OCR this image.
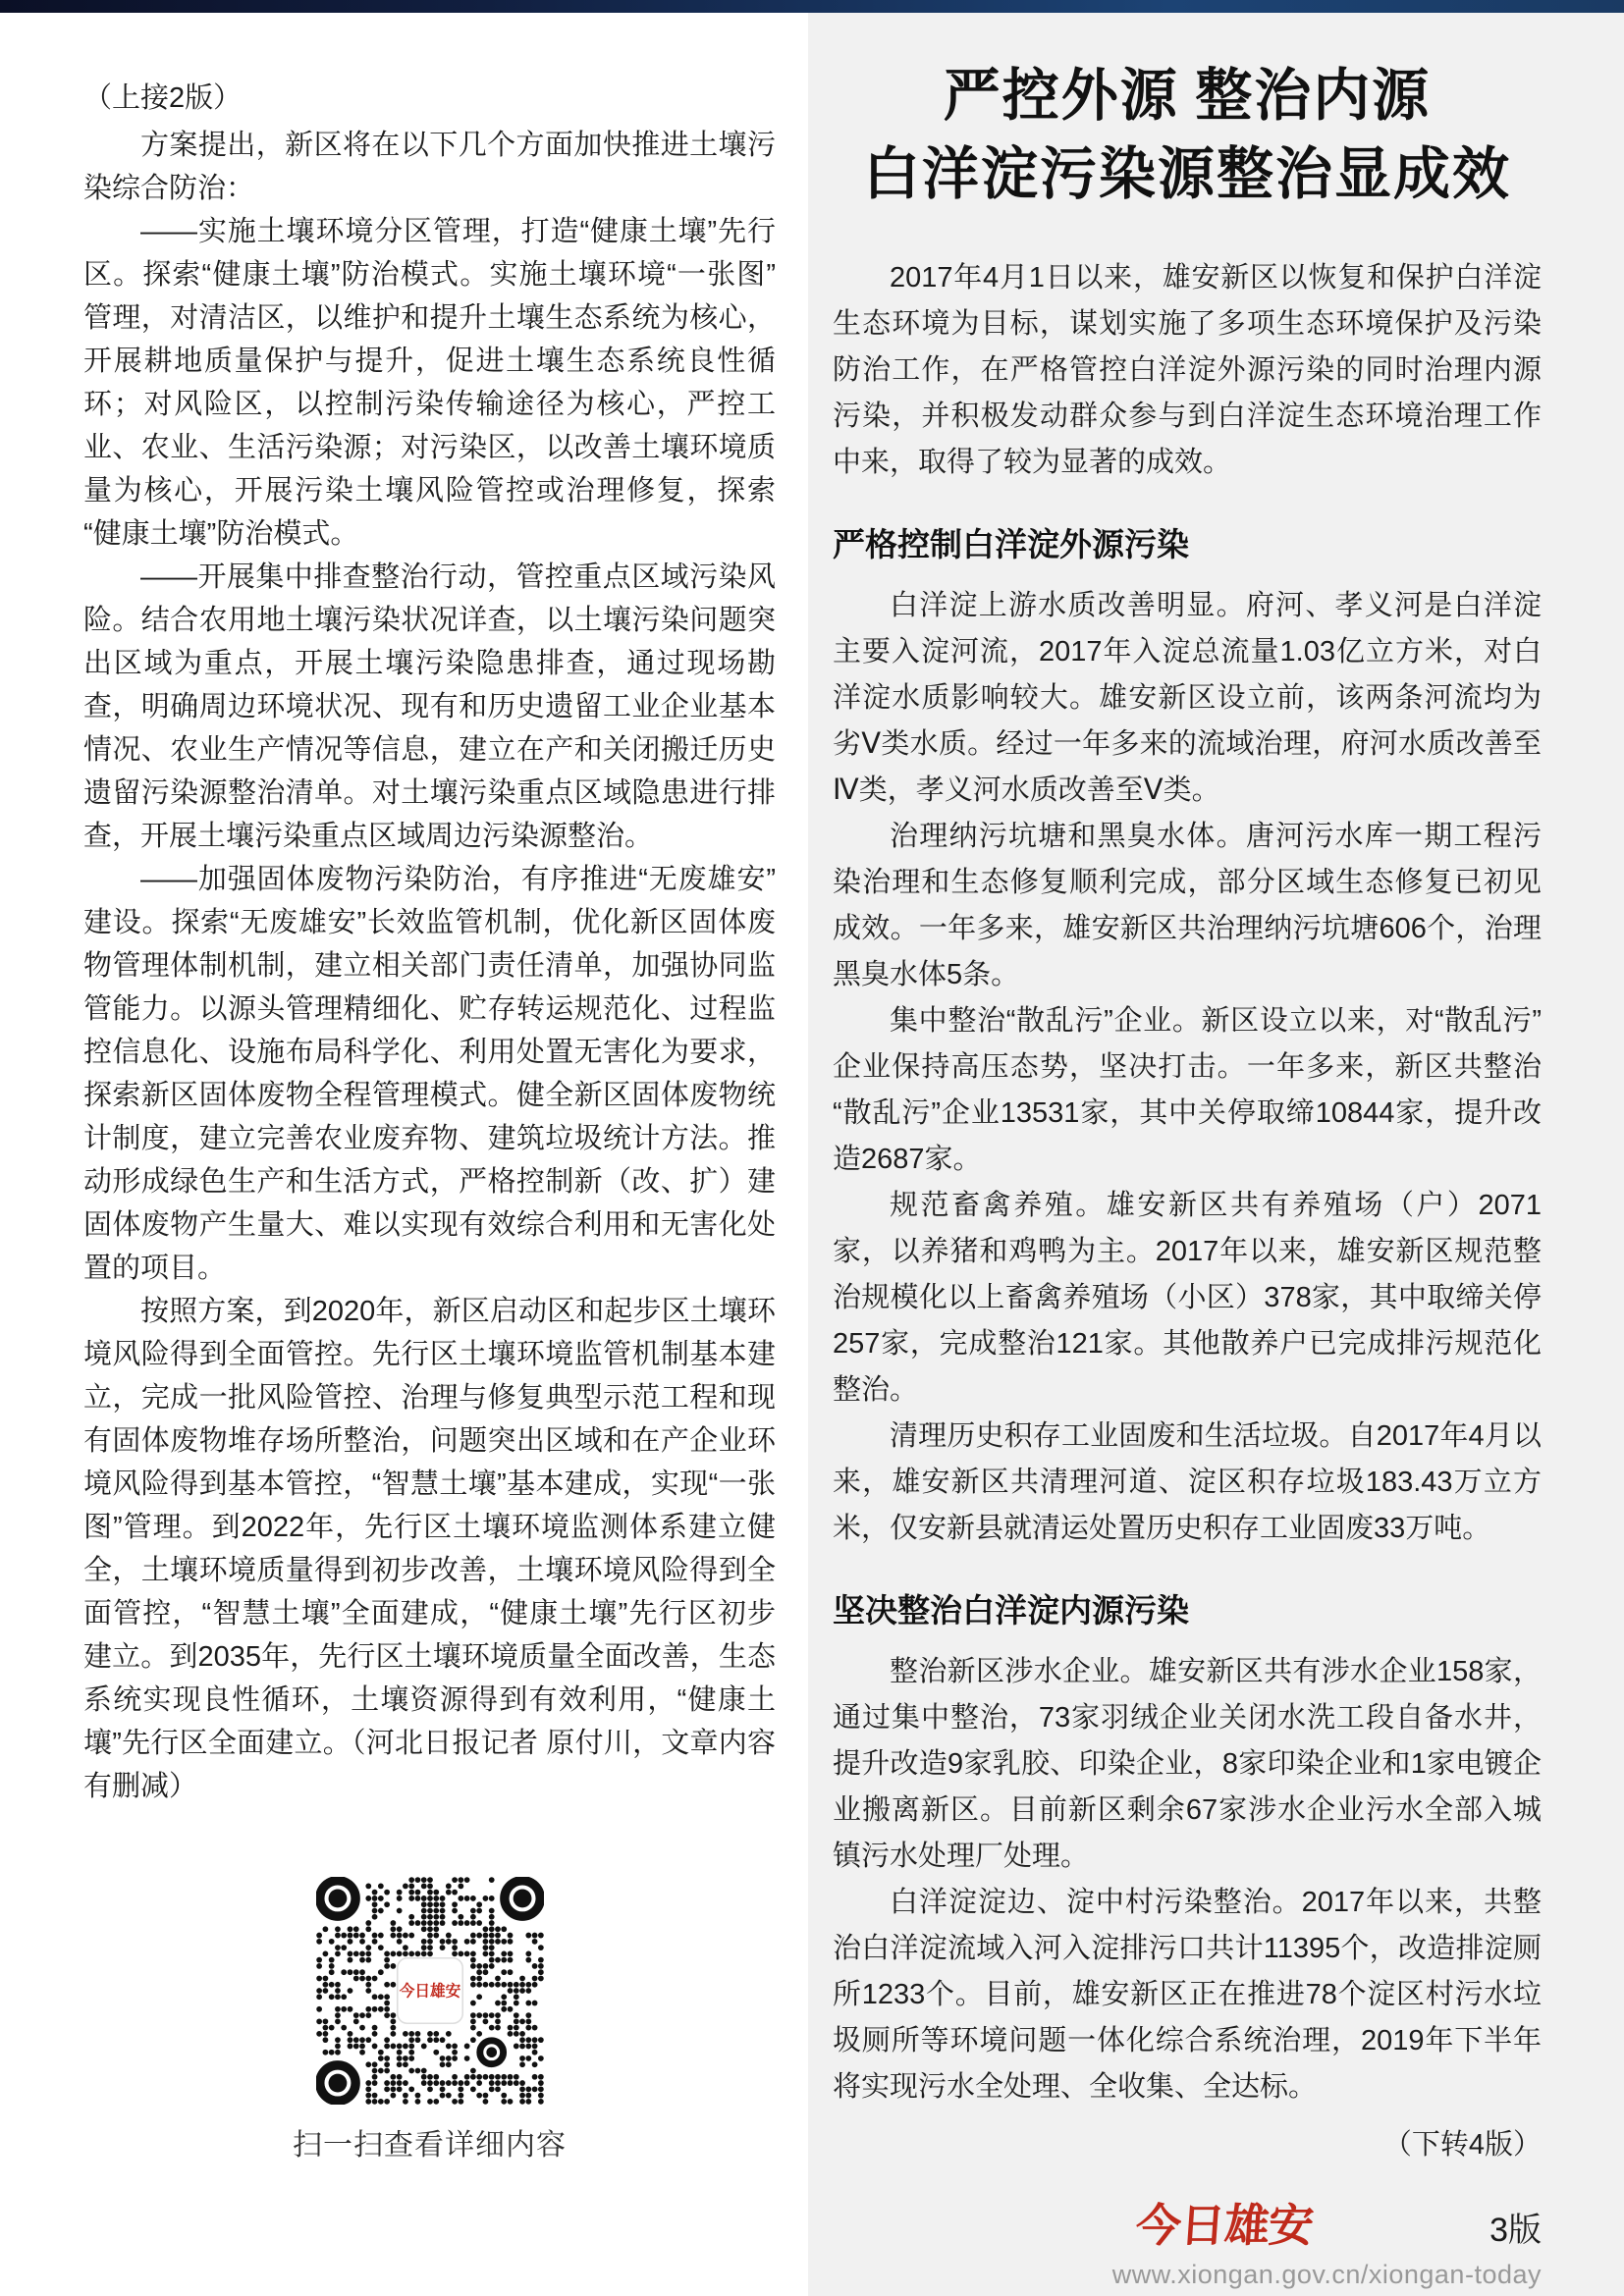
（上接2版）

方案提出，新区将在以下几个方面加快推进土壤污染综合防治：

——实施土壤环境分区管理，打造“健康土壤”先行区。探索“健康土壤”防治模式。实施土壤环境“一张图”管理，对清洁区，以维护和提升土壤生态系统为核心，开展耕地质量保护与提升，促进土壤生态系统良性循环；对风险区，以控制污染传输途径为核心，严控工业、农业、生活污染源；对污染区，以改善土壤环境质量为核心，开展污染土壤风险管控或治理修复，探索“健康土壤”防治模式。

——开展集中排查整治行动，管控重点区域污染风险。结合农用地土壤污染状况详查，以土壤污染问题突出区域为重点，开展土壤污染隐患排查，通过现场勘查，明确周边环境状况、现有和历史遗留工业企业基本情况、农业生产情况等信息，建立在产和关闭搬迁历史遗留污染源整治清单。对土壤污染重点区域隐患进行排查，开展土壤污染重点区域周边污染源整治。

——加强固体废物污染防治，有序推进“无废雄安”建设。探索“无废雄安”长效监管机制，优化新区固体废物管理体制机制，建立相关部门责任清单，加强协同监管能力。以源头管理精细化、贮存转运规范化、过程监控信息化、设施布局科学化、利用处置无害化为要求，探索新区固体废物全程管理模式。健全新区固体废物统计制度，建立完善农业废弃物、建筑垃圾统计方法。推动形成绿色生产和生活方式，严格控制新（改、扩）建固体废物产生量大、难以实现有效综合利用和无害化处置的项目。

按照方案，到2020年，新区启动区和起步区土壤环境风险得到全面管控。先行区土壤环境监管机制基本建立，完成一批风险管控、治理与修复典型示范工程和现有固体废物堆存场所整治，问题突出区域和在产企业环境风险得到基本管控，“智慧土壤”基本建成，实现“一张图”管理。到2022年，先行区土壤环境监测体系建立健全，土壤环境质量得到初步改善，土壤环境风险得到全面管控，“智慧土壤”全面建成，“健康土壤”先行区初步建立。到2035年，先行区土壤环境质量全面改善，生态系统实现良性循环，土壤资源得到有效利用，“健康土壤”先行区全面建立。（河北日报记者 原付川，文章内容有删减）

今日雄安
扫一扫查看详细内容
严控外源 整治内源
白洋淀污染源整治显成效

2017年4月1日以来，雄安新区以恢复和保护白洋淀生态环境为目标，谋划实施了多项生态环境保护及污染防治工作，在严格管控白洋淀外源污染的同时治理内源污染，并积极发动群众参与到白洋淀生态环境治理工作中来，取得了较为显著的成效。

严格控制白洋淀外源污染

白洋淀上游水质改善明显。府河、孝义河是白洋淀主要入淀河流，2017年入淀总流量1.03亿立方米，对白洋淀水质影响较大。雄安新区设立前，该两条河流均为劣Ⅴ类水质。经过一年多来的流域治理，府河水质改善至Ⅳ类，孝义河水质改善至Ⅴ类。

治理纳污坑塘和黑臭水体。唐河污水库一期工程污染治理和生态修复顺利完成，部分区域生态修复已初见成效。一年多来，雄安新区共治理纳污坑塘606个，治理黑臭水体5条。

集中整治“散乱污”企业。新区设立以来，对“散乱污”企业保持高压态势，坚决打击。一年多来，新区共整治“散乱污”企业13531家，其中关停取缔10844家，提升改造2687家。

规范畜禽养殖。雄安新区共有养殖场（户）2071家，以养猪和鸡鸭为主。2017年以来，雄安新区规范整治规模化以上畜禽养殖场（小区）378家，其中取缔关停257家，完成整治121家。其他散养户已完成排污规范化整治。

清理历史积存工业固废和生活垃圾。自2017年4月以来，雄安新区共清理河道、淀区积存垃圾183.43万立方米，仅安新县就清运处置历史积存工业固废33万吨。

坚决整治白洋淀内源污染

整治新区涉水企业。雄安新区共有涉水企业158家，通过集中整治，73家羽绒企业关闭水洗工段自备水井，提升改造9家乳胶、印染企业，8家印染企业和1家电镀企业搬离新区。目前新区剩余67家涉水企业污水全部入城镇污水处理厂处理。

白洋淀淀边、淀中村污染整治。2017年以来，共整治白洋淀流域入河入淀排污口共计11395个，改造排淀厕所1233个。目前，雄安新区正在推进78个淀区村污水垃圾厕所等环境问题一体化综合系统治理，2019年下半年将实现污水全处理、全收集、全达标。

（下转4版）

今日雄安	3版
www.xiongan.gov.cn/xiongan-today
